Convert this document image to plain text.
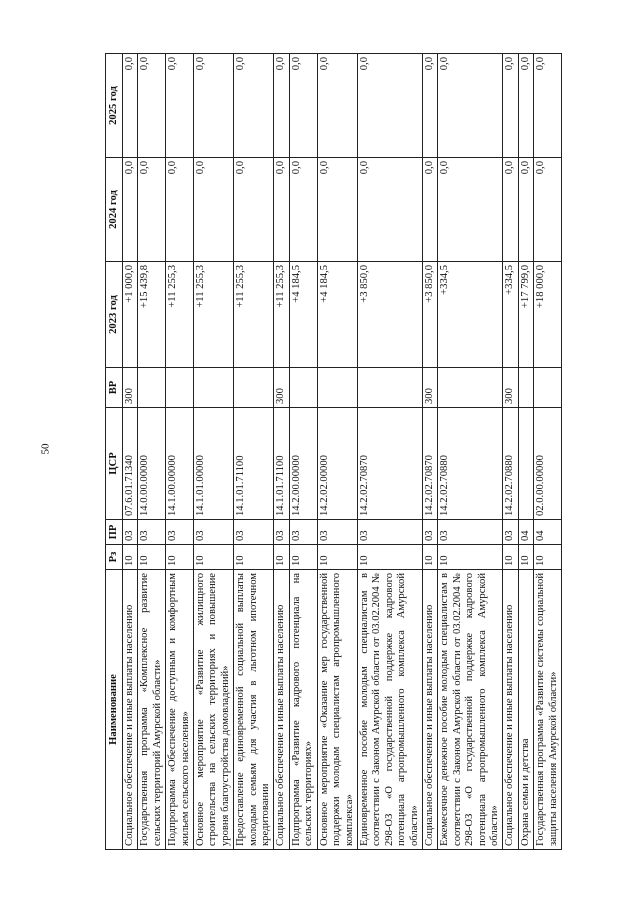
50
Наименование	Рз	ПР	ЦСР	ВР	2023 год	2024 год	2025 год
Социальное обеспечение и иные выплаты населению	10	03	07.6.01.71340	300	+1 000,0	0,0	0,0
Государственная программа «Комплексное развитие сельских территорий Амурской области»	10	03	14.0.00.00000		+15 439,8	0,0	0,0
Подпрограмма «Обеспечение доступным и комфортным жильем сельского населения»	10	03	14.1.00.00000		+11 255,3	0,0	0,0
Основное мероприятие «Развитие жилищного строительства на сельских территориях и повышение уровня благоустройства домовладений»	10	03	14.1.01.00000		+11 255,3	0,0	0,0
Предоставление единовременной социальной выплаты молодым семьям для участия в льготном ипотечном кредитовании	10	03	14.1.01.71100		+11 255,3	0,0	0,0
Социальное обеспечение и иные выплаты населению	10	03	14.1.01.71100	300	+11 255,3	0,0	0,0
Подпрограмма «Развитие кадрового потенциала на сельских территориях»	10	03	14.2.00.00000		+4 184,5	0,0	0,0
Основное мероприятие «Оказание мер государственной поддержки молодым специалистам агропромышленного комплекса»	10	03	14.2.02.00000		+4 184,5	0,0	0,0
Единовременное пособие молодым специалистам в соответствии с Законом Амурской области от 03.02.2004 № 298-ОЗ «О государственной поддержке кадрового потенциала агропромышленного комплекса Амурской области»	10	03	14.2.02.70870		+3 850,0	0,0	0,0
Социальное обеспечение и иные выплаты населению	10	03	14.2.02.70870	300	+3 850,0	0,0	0,0
Ежемесячное денежное пособие молодым специалистам в соответствии с Законом Амурской области от 03.02.2004 № 298-ОЗ «О государственной поддержке кадрового потенциала агропромышленного комплекса Амурской области»	10	03	14.2.02.70880		+334,5	0,0	0,0
Социальное обеспечение и иные выплаты населению	10	03	14.2.02.70880	300	+334,5	0,0	0,0
Охрана семьи и детства	10	04			+17 799,0	0,0	0,0
Государственная программа «Развитие системы социальной защиты населения Амурской области»	10	04	02.0.00.00000		+18 000,0	0,0	0,0
